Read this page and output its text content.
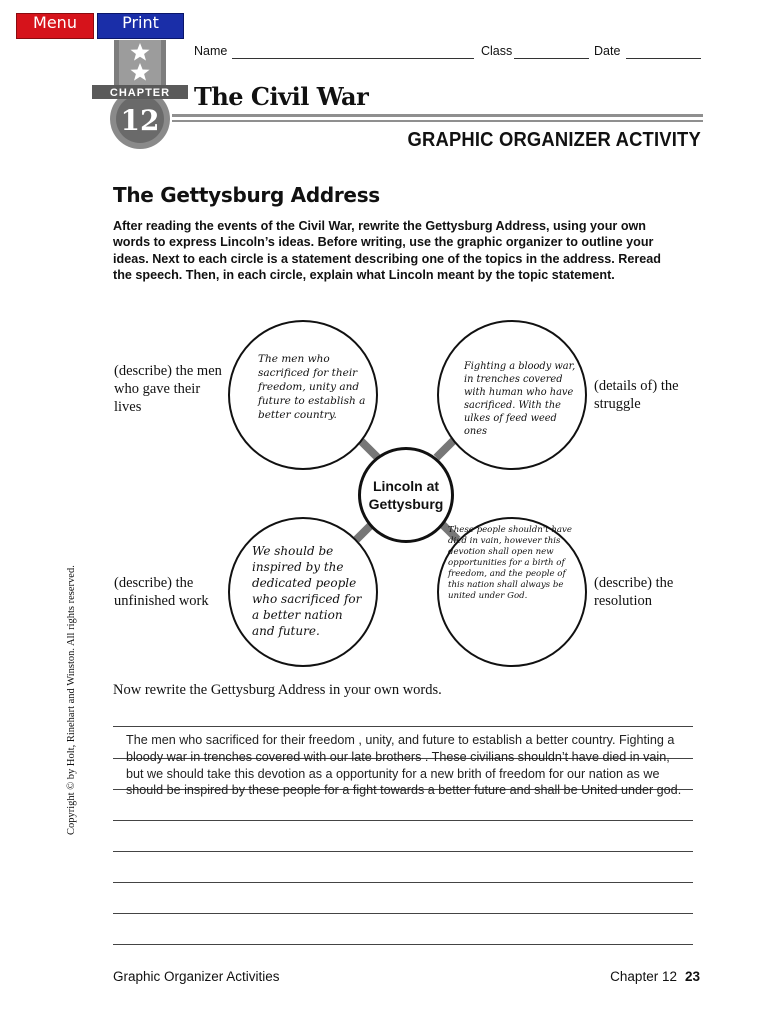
Menu	Print
CHAPTER
12
Name	Class	Date
The Civil War
GRAPHIC ORGANIZER ACTIVITY
The Gettysburg Address
After reading the events of the Civil War, rewrite the Gettysburg Address, using your own words to express Lincoln’s ideas. Before writing, use the graphic organizer to outline your ideas. Next to each circle is a statement describing one of the topics in the address. Reread the speech. Then, in each circle, explain what Lincoln meant by the topic statement.
Lincoln at Gettysburg
The men who sacrificed for their freedom, unity and future to establish a better country.
Fighting a bloody war, in trenches covered with human who have sacrificed. With the ulkes of feed weed ones
We should be inspired by the dedicated people who sacrificed for a better nation and future.
These people shouldn't have died in vain, however this devotion shall open new opportunities for a birth of freedom, and the people of this nation shall always be united under God.
(describe) the men who gave their lives
(details of) the struggle
(describe) the unfinished work
(describe) the resolution
Copyright © by Holt, Rinehart and Winston. All rights reserved. Now rewrite the Gettysburg Address in your own words.
The men who sacrificed for their freedom , unity, and future to establish a better country. Fighting a bloody war in trenches covered with our late brothers . These civilians shouldn’t have died in vain, but we should take this devotion as a opportunity for a new brith of freedom for our nation as we should be inspired by these people for a fight towards a better future and shall be United under god.
Graphic Organizer Activities	Chapter 12 23
